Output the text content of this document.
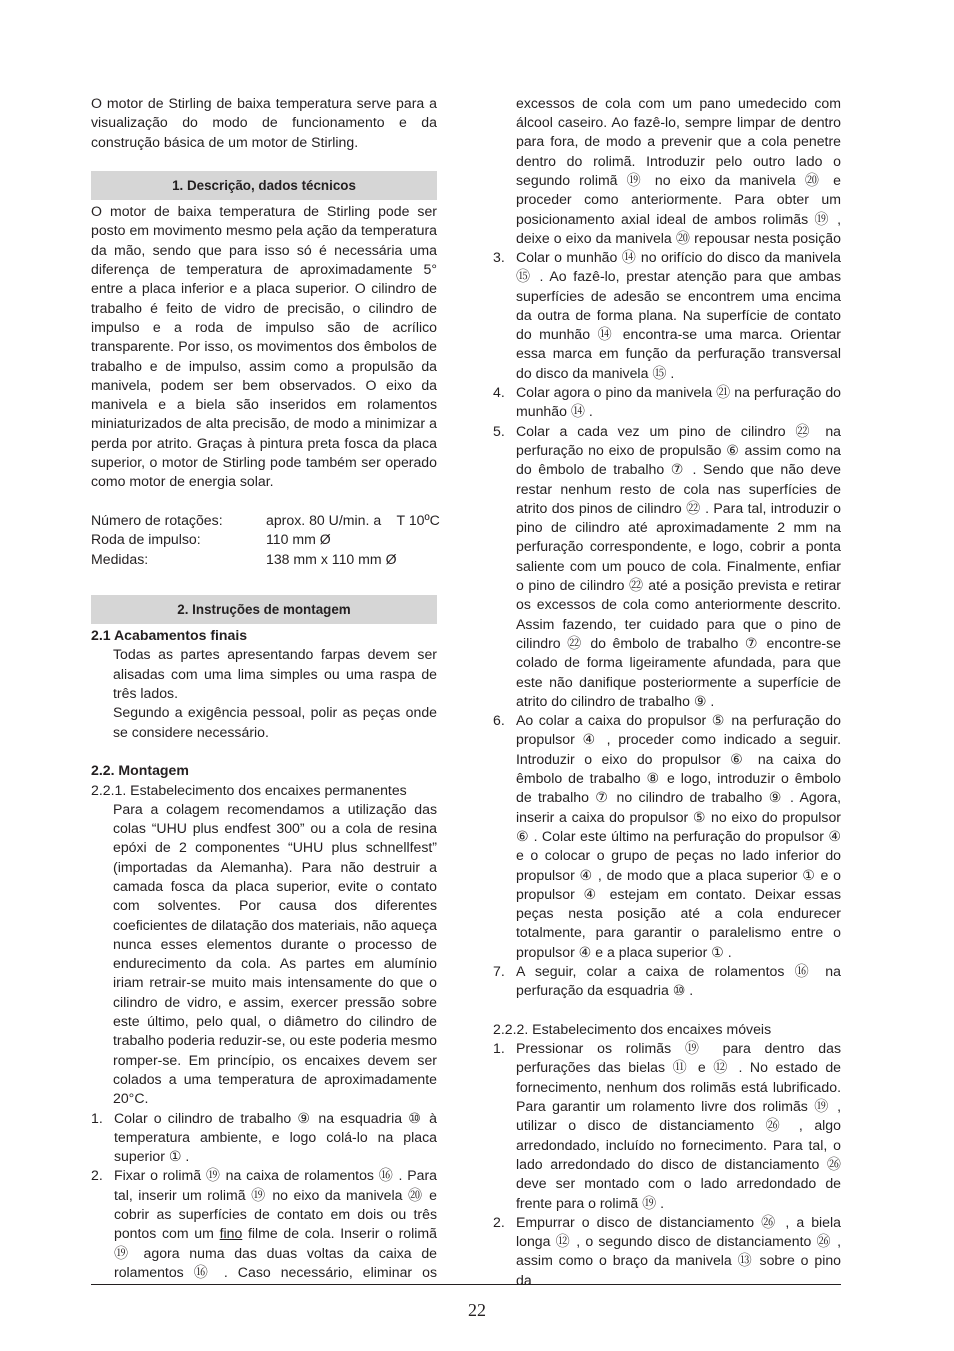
O motor de Stirling de baixa temperatura serve para a visualização do modo de funcionamento e da construção básica de um motor de Stirling.

1. Descrição, dados técnicos

O motor de baixa temperatura de Stirling pode ser posto em movimento mesmo pela ação da temperatura da mão, sendo que para isso só é necessária uma diferença de temperatura de aproximadamente 5° entre a placa inferior e a placa superior. O cilindro de trabalho é feito de vidro de precisão, o cilindro de impulso e a roda de impulso são de acrílico transparente. Por isso, os movimentos dos êmbolos de trabalho e de impulso, assim como a propulsão da manivela, podem ser bem observados. O eixo da manivela e a biela são inseridos em rolamentos miniaturizados de alta precisão, de modo a minimizar a perda por atrito. Graças à pintura preta fosca da placa superior, o motor de Stirling pode também ser operado como motor de energia solar.

Número de rotações:	aprox. 80 U/min. a    T 10ºC
Roda de impulso:	110 mm Ø
Medidas:	138 mm x 110 mm Ø
2. Instruções de montagem

2.1 Acabamentos finais

Todas as partes apresentando farpas devem ser alisadas com uma lima simples ou uma raspa de três lados.

Segundo a exigência pessoal, polir as peças onde se considere necessário.

2.2. Montagem

2.2.1. Estabelecimento dos encaixes permanentes

Para a colagem recomendamos a utilização das colas “UHU plus endfest 300” ou a cola de resina epóxi de 2 componentes “UHU plus schnellfest” (importadas da Alemanha). Para não destruir a camada fosca da placa superior, evite o contato com solventes. Por causa dos diferentes coeficientes de dilatação dos materiais, não aqueça nunca esses elementos durante o processo de endurecimento da cola. As partes em alumínio iriam retrair-se muito mais intensamente do que o cilindro de vidro, e assim, exercer pressão sobre este último, pelo qual, o diâmetro do cilindro de trabalho poderia reduzir-se, ou este poderia mesmo romper-se. Em princípio, os encaixes devem ser colados a uma temperatura de aproximadamente 20°C.

1. Colar o cilindro de trabalho ⑨ na esquadria ⑩ à temperatura ambiente, e logo colá-lo na placa superior ① .
2. Fixar o rolimã ⑲ na caixa de rolamentos ⑯ . Para tal, inserir um rolimã ⑲ no eixo da manivela ⑳ e cobrir as superfícies de contato em dois ou três pontos com um fino filme de cola. Inserir o rolimã ⑲ agora numa das duas voltas da caixa de rolamentos ⑯ . Caso necessário, eliminar os
excessos de cola com um pano umedecido com álcool caseiro. Ao fazê-lo, sempre limpar de dentro para fora, de modo a prevenir que a cola penetre dentro do rolimã. Introduzir pelo outro lado o segundo rolimã ⑲ no eixo da manivela ⑳ e proceder como anteriormente. Para obter um posicionamento axial ideal de ambos rolimãs ⑲ , deixe o eixo da manivela ⑳ repousar nesta posição
3. Colar o munhão ⑭ no orifício do disco da manivela ⑮ . Ao fazê-lo, prestar atenção para que ambas superfícies de adesão se encontrem uma encima da outra de forma plana. Na superfície de contato do munhão ⑭ encontra-se uma marca. Orientar essa marca em função da perfuração transversal do disco da manivela ⑮ .
4. Colar agora o pino da manivela ㉑ na perfuração do munhão ⑭ .
5. Colar a cada vez um pino de cilindro ㉒ na perfuração no eixo de propulsão ⑥ assim como na do êmbolo de trabalho ⑦ . Sendo que não deve restar nenhum resto de cola nas superfícies de atrito dos pinos de cilindro ㉒ . Para tal, introduzir o pino de cilindro até aproximadamente 2 mm na perfuração correspondente, e logo, cobrir a ponta saliente com um pouco de cola. Finalmente, enfiar o pino de cilindro ㉒ até a posição prevista e retirar os excessos de cola como anteriormente descrito. Assim fazendo, ter cuidado para que o pino de cilindro ㉒ do êmbolo de trabalho ⑦ encontre-se colado de forma ligeiramente afundada, para que este não danifique posteriormente a superfície de atrito do cilindro de trabalho ⑨ .
6. Ao colar a caixa do propulsor ⑤ na perfuração do propulsor ④ , proceder como indicado a seguir. Introduzir o eixo do propulsor ⑥ na caixa do êmbolo de trabalho ⑧ e logo, introduzir o êmbolo de trabalho ⑦ no cilindro de trabalho ⑨ . Agora, inserir a caixa do propulsor ⑤ no eixo do propulsor ⑥ . Colar este último na perfuração do propulsor ④ e o colocar o grupo de peças no lado inferior do propulsor ④ , de modo que a placa superior ① e o propulsor ④ estejam em contato. Deixar essas peças nesta posição até a cola endurecer totalmente, para garantir o paralelismo entre o propulsor ④ e a placa superior ① .
7. A seguir, colar a caixa de rolamentos ⑯ na perfuração da esquadria ⑩ .

2.2.2. Estabelecimento dos encaixes móveis

1. Pressionar os rolimãs ⑲ para dentro das perfurações das bielas ⑪ e ⑫ . No estado de fornecimento, nenhum dos rolimãs está lubrificado. Para garantir um rolamento livre dos rolimãs ⑲ , utilizar o disco de distanciamento ㉖ , algo arredondado, incluído no fornecimento. Para tal, o lado arredondado do disco de distanciamento ㉖ deve ser montado com o lado arredondado de frente para o rolimã ⑲ .
2. Empurrar o disco de distanciamento ㉖ , a biela longa ⑫ , o segundo disco de distanciamento ㉖ , assim como o braço da manivela ⑬ sobre o pino da
22
